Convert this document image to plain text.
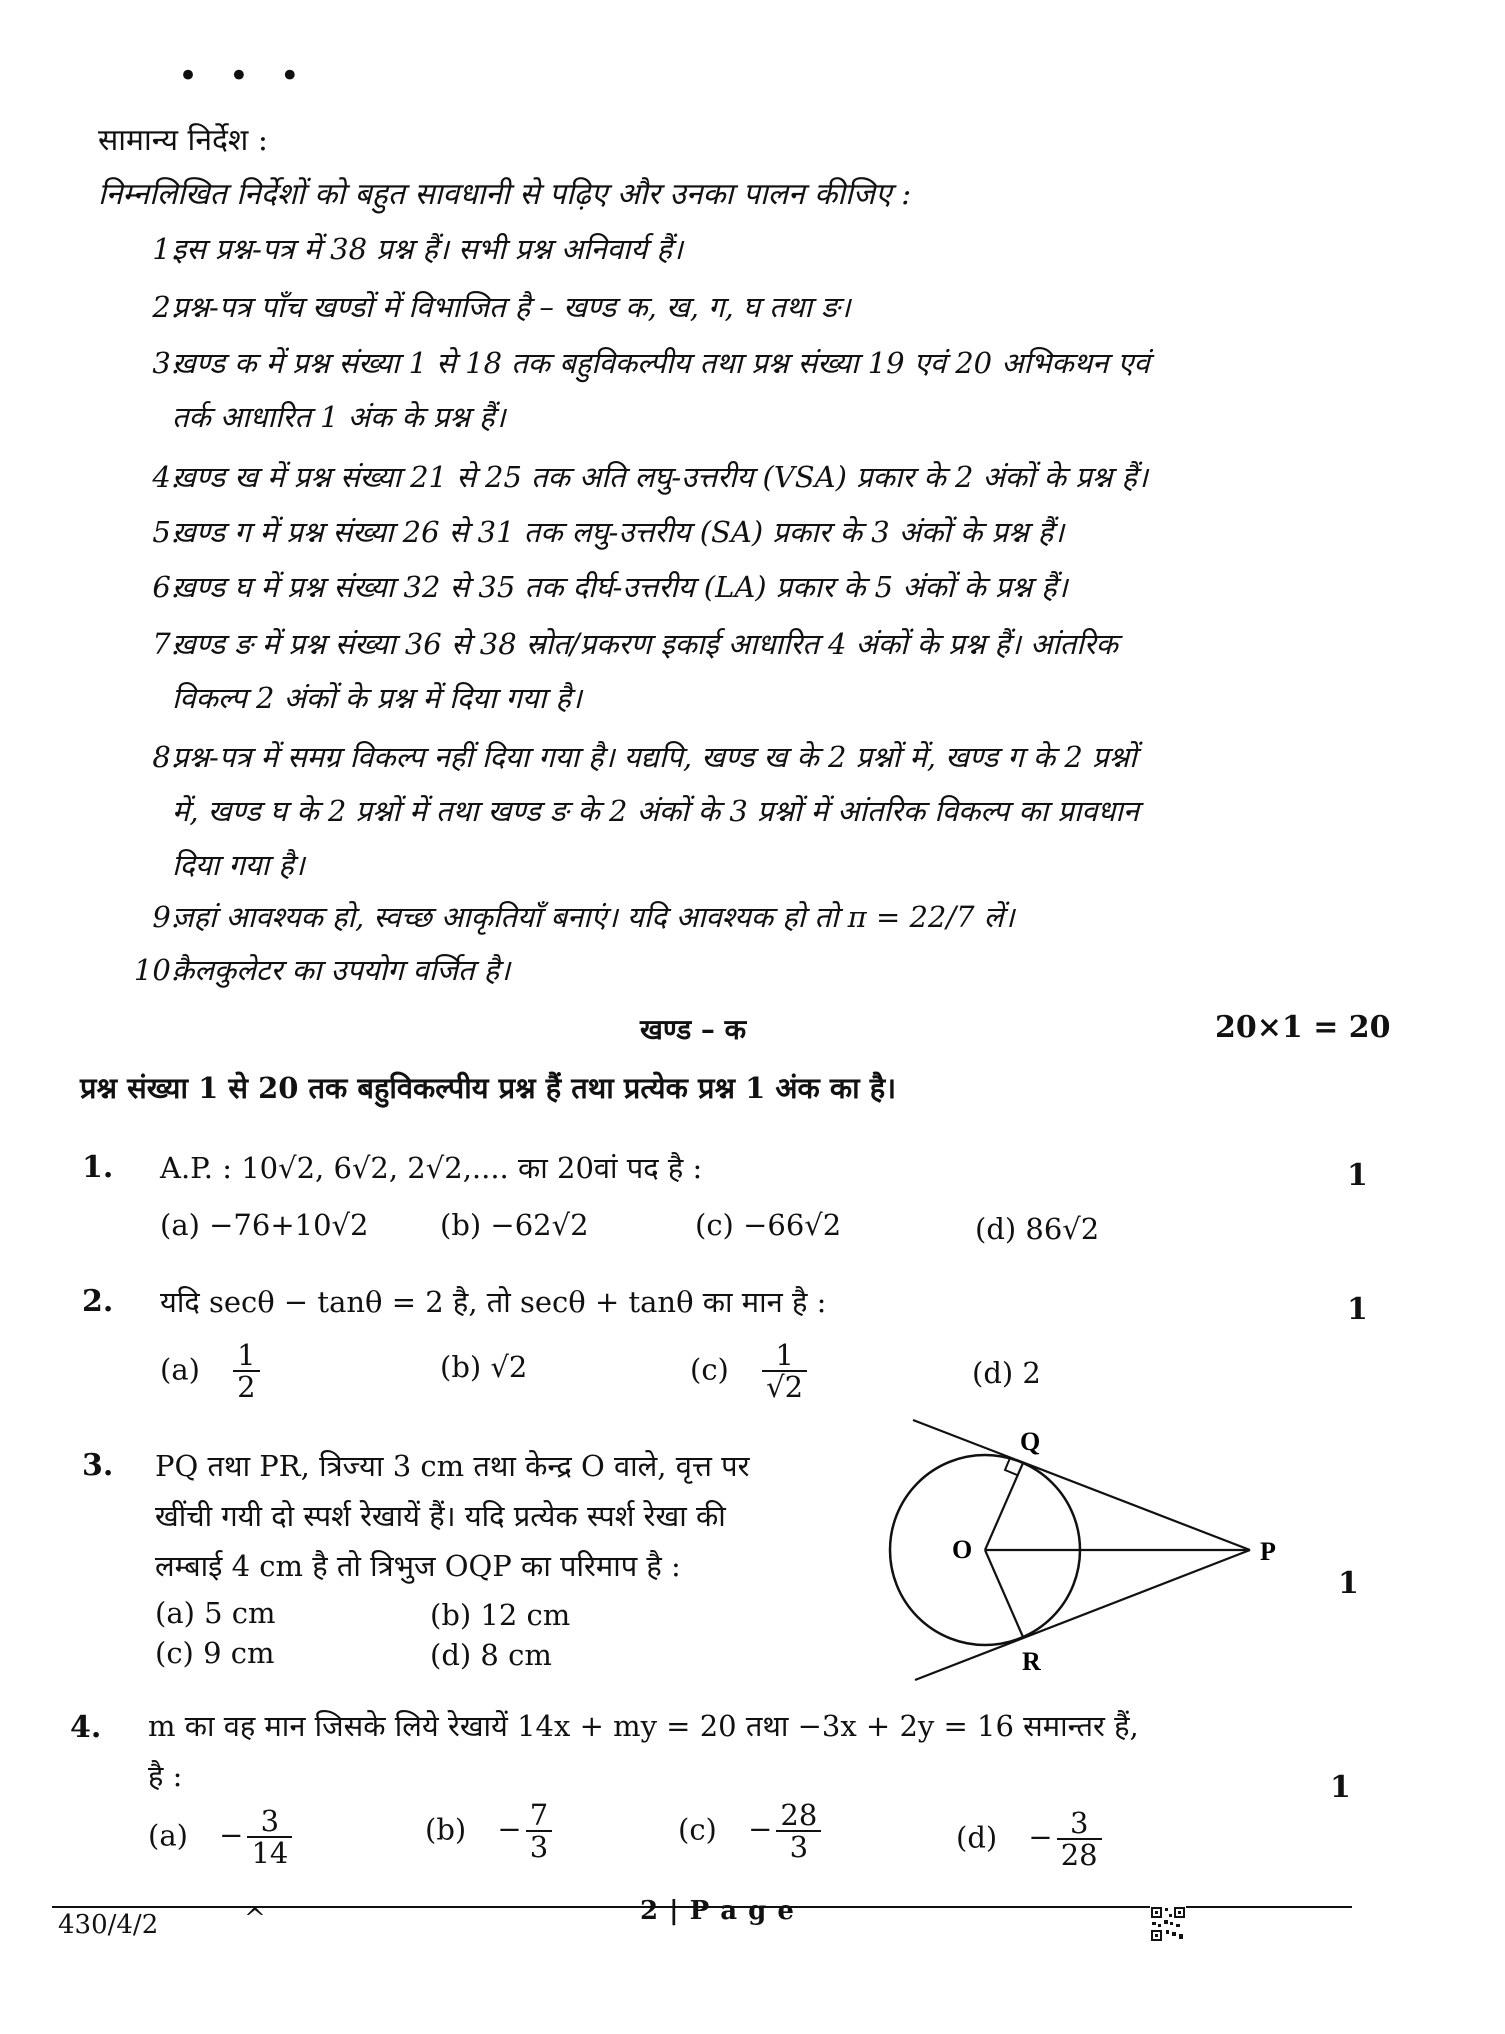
• • •
सामान्य निर्देश :
निम्नलिखित निर्देशों को बहुत सावधानी से पढ़िए और उनका पालन कीजिए :
1.
इस प्रश्न-पत्र में 38 प्रश्न हैं। सभी प्रश्न अनिवार्य हैं।
2.
प्रश्न-पत्र पाँच खण्डों में विभाजित है – खण्ड क, ख, ग, घ तथा ङ।
3.
खण्ड क में प्रश्न संख्या 1 से 18 तक बहुविकल्पीय तथा प्रश्न संख्या 19 एवं 20 अभिकथन एवं
तर्क आधारित 1 अंक के प्रश्न हैं।
4.
खण्ड ख में प्रश्न संख्या 21 से 25 तक अति लघु-उत्तरीय (VSA) प्रकार के 2 अंकों के प्रश्न हैं।
5.
खण्ड ग में प्रश्न संख्या 26 से 31 तक लघु-उत्तरीय (SA) प्रकार के 3 अंकों के प्रश्न हैं।
6.
खण्ड घ में प्रश्न संख्या 32 से 35 तक दीर्घ-उत्तरीय (LA) प्रकार के 5 अंकों के प्रश्न हैं।
7.
खण्ड ङ में प्रश्न संख्या 36 से 38 स्रोत/प्रकरण इकाई आधारित 4 अंकों के प्रश्न हैं। आंतरिक
विकल्प 2 अंकों के प्रश्न में दिया गया है।
8.
प्रश्न-पत्र में समग्र विकल्प नहीं दिया गया है। यद्यपि, खण्ड ख के 2 प्रश्नों में, खण्ड ग के 2 प्रश्नों
में, खण्ड घ के 2 प्रश्नों में तथा खण्ड ङ के 2 अंकों के 3 प्रश्नों में आंतरिक विकल्प का प्रावधान
दिया गया है।
9.
जहां आवश्यक हो, स्वच्छ आकृतियाँ बनाएं। यदि आवश्यक हो तो π = 22/7 लें।
10.
कैलकुलेटर का उपयोग वर्जित है।
खण्ड – क	20×1 = 20
प्रश्न संख्या 1 से 20 तक बहुविकल्पीय प्रश्न हैं तथा प्रत्येक प्रश्न 1 अंक का है।
1. A.P. : 10√2, 6√2, 2√2,.... का 20वां पद है :	1
(a) −76+10√2 (b) −62√2	(c) −66√2	(d) 86√2
2. यदि secθ − tanθ = 2 है, तो secθ + tanθ का मान है :	1
$(a) \frac{1}{2}$	(b) √2	$(c) \frac{1}{√2}$	(d) 2
3. PQ तथा PR, त्रिज्या 3 cm तथा केन्द्र O वाले, वृत्त पर
खींची गयी दो स्पर्श रेखायें हैं। यदि प्रत्येक स्पर्श रेखा की
लम्बाई 4 cm है तो त्रिभुज OQP का परिमाप है :
(a) 5 cm	(b) 12 cm
(c) 9 cm	(d) 8 cm
1
Q
O	P
R
4. m का वह मान जिसके लिये रेखायें 14x + my = 20 तथा −3x + 2y = 16 समान्तर हैं,
है :	1
$(a) - \frac{3}{14}$	$(b) - \frac{7}{3}$	$(c) - \frac{28}{3}$	$(d) - \frac{3}{28}$
430/4/2	^	2 | P a g e
